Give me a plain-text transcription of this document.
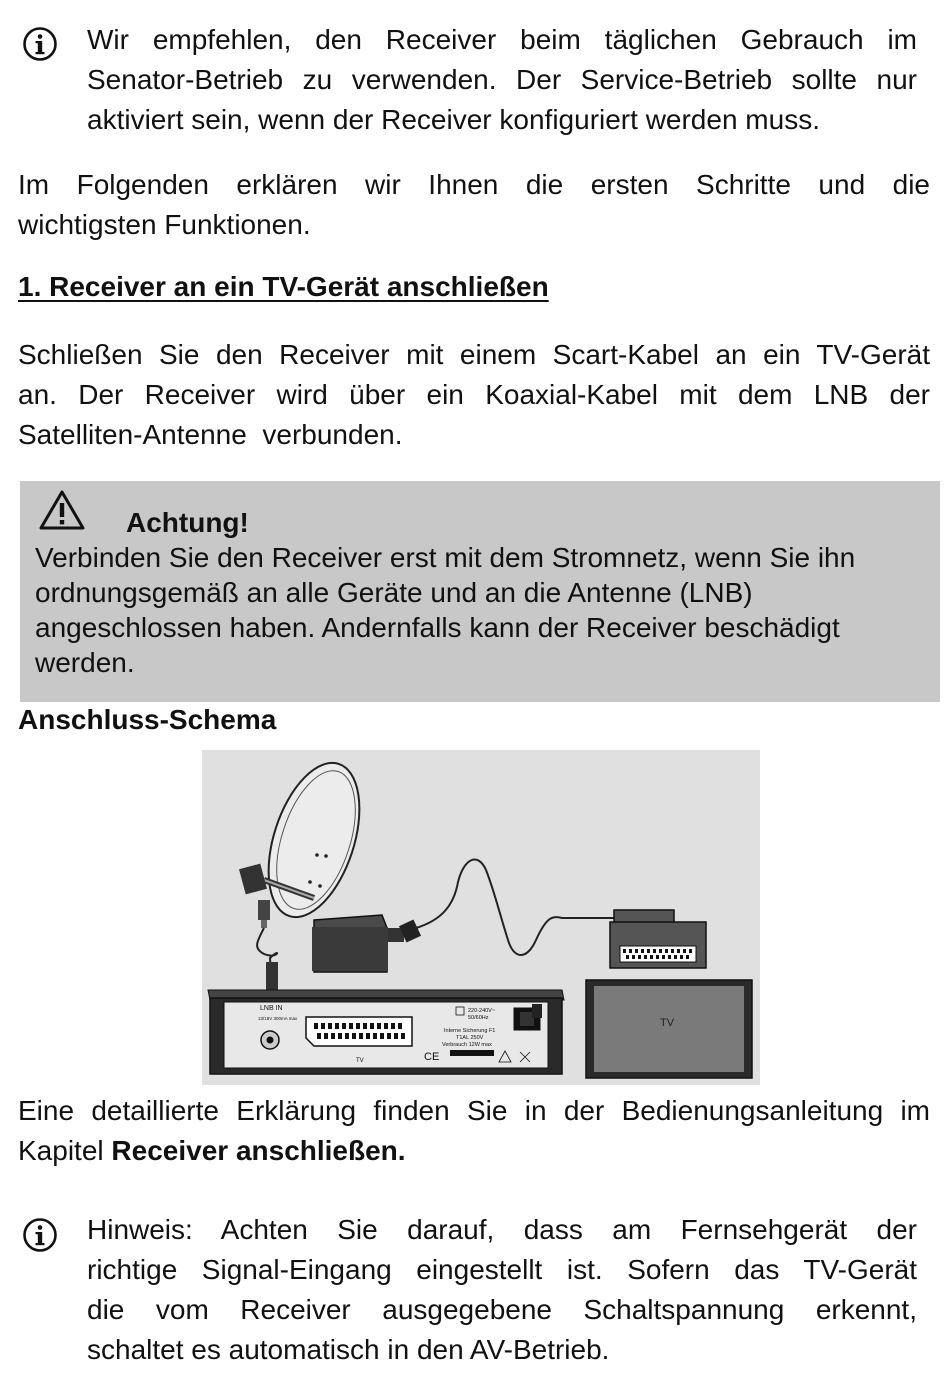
Wir empfehlen, den Receiver beim täglichen Gebrauch im
Senator-Betrieb zu verwenden. Der Service-Betrieb sollte nur
aktiviert sein, wenn der Receiver konfiguriert werden muss.
Im Folgenden erklären wir Ihnen die ersten Schritte und die
wichtigsten Funktionen.
1. Receiver an ein TV-Gerät anschließen
Schließen Sie den Receiver mit einem Scart-Kabel an ein TV-Gerät
an. Der Receiver wird über ein Koaxial-Kabel mit dem LNB der
Satelliten-Antenne  verbunden.
Achtung!
Verbinden Sie den Receiver erst mit dem Stromnetz, wenn Sie ihn
ordnungsgemäß an alle Geräte und an die Antenne (LNB)
angeschlossen haben. Andernfalls kann der Receiver beschädigt
werden.
Anschluss-Schema
LNB IN
13/18V 300mA max
TV
220-240V~
50/60Hz
Interne Sicherung F1
T1AL 250V
Verbrauch 12W max
CE
TV
Eine detaillierte Erklärung finden Sie in der Bedienungsanleitung im
Kapitel Receiver anschließen.
Hinweis: Achten Sie darauf, dass am Fernsehgerät der
richtige Signal-Eingang eingestellt ist. Sofern das TV-Gerät
die vom Receiver ausgegebene Schaltspannung erkennt,
schaltet es automatisch in den AV-Betrieb.
